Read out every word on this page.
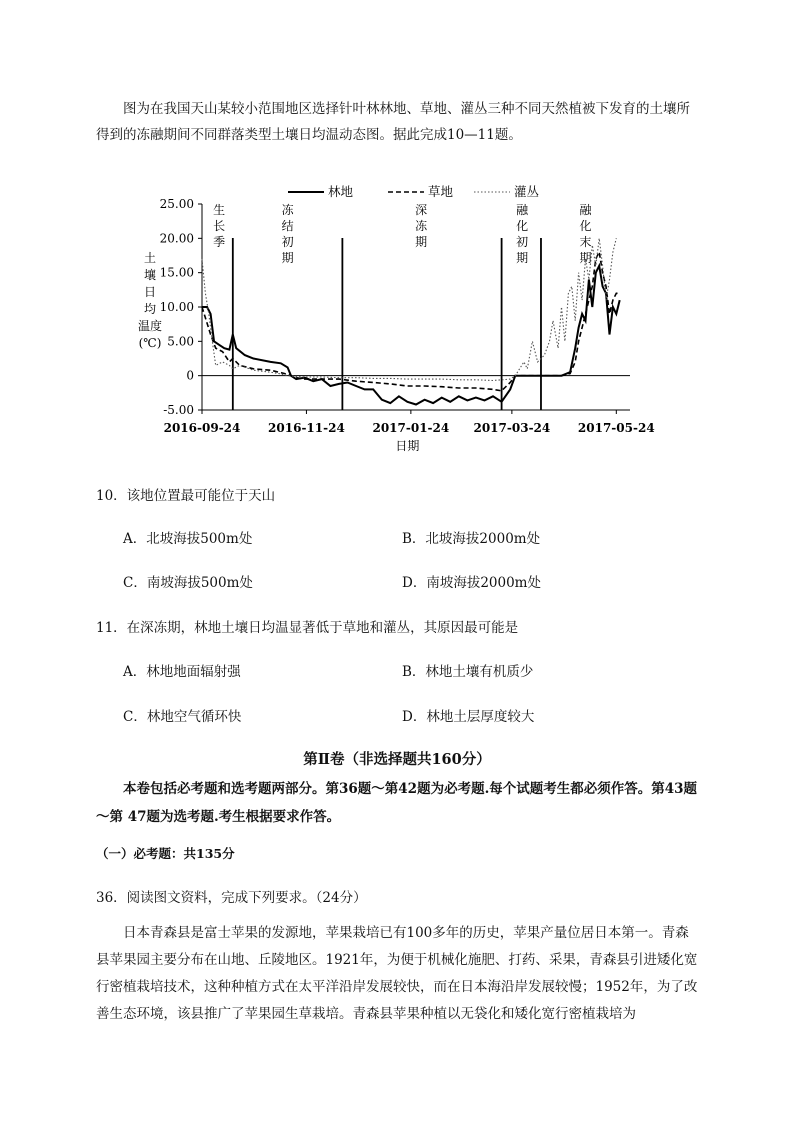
图为在我国天山某较小范围地区选择针叶林林地、草地、灌丛三种不同天然植被下发育的土壤所得到的冻融期间不同群落类型土壤日均温动态图。据此完成10—11题。
25.00
20.00
15.00
10.00
5.00
0
-5.00
2016-09-24 2016-11-24 2017-01-24 2017-03-24 2017-05-24
日期
土
壤
日
均
温度
(℃)
生
长
季
冻
结
初
期
深
冻
期
融
化
初
期
融
化
末
期
林地	草地	灌丛
10．该地位置最可能位于天山
A．北坡海拔500m处	B．北坡海拔2000m处
C．南坡海拔500m处	D．南坡海拔2000m处
11．在深冻期，林地土壤日均温显著低于草地和灌丛，其原因最可能是
A．林地地面辐射强	B．林地土壤有机质少
C．林地空气循环快	D．林地土层厚度较大
第Ⅱ卷（非选择题共160分）
本卷包括必考题和选考题两部分。第36题～第42题为必考题.每个试题考生都必须作答。第43题～第 47题为选考题.考生根据要求作答。
（一）必考题：共135分
36．阅读图文资料，完成下列要求。（24分）
日本青森县是富士苹果的发源地，苹果栽培已有100多年的历史，苹果产量位居日本第一。青森县苹果园主要分布在山地、丘陵地区。1921年，为便于机械化施肥、打药、采果，青森县引进矮化宽行密植栽培技术，这种种植方式在太平洋沿岸发展较快，而在日本海沿岸发展较慢；1952年，为了改善生态环境，该县推广了苹果园生草栽培。青森县苹果种植以无袋化和矮化宽行密植栽培为
